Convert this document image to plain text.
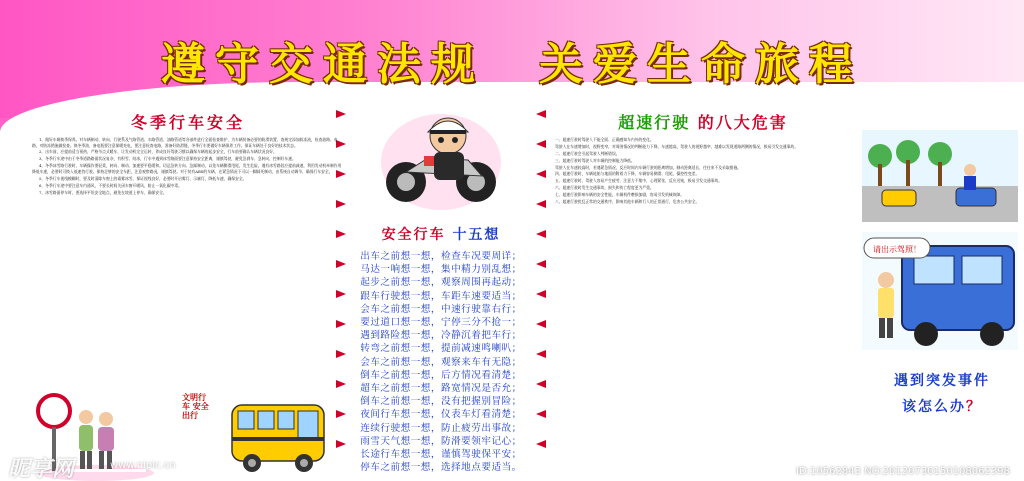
遵守交通法规　关爱生命旅程
冬季行车安全

1、做好车辆换季保养。对车辆制动、转向、行驶系及气路管道、水路管道、油路管道等各部件进行全面检查维护，为车辆装备必要的防滑装置，查规定添加防冻液，检查油路、电路，对防冻措施做检查。换冬季油，备电瓶要注意保暖充电，要注意检查电路，准备好防滑链，冬季行车要做好车辆保养工作，保证车辆处于良好的技术状态。

2、出车前，应提前适当预热，严格节点式暖车，让发动机完全运转，养成良好驾驶习惯以确保车辆的起步安全，行车前要确认车辆状况良好。

3、冬季行车途中由于冬季道路路面状况复杂，有积雪、结冰，行车中遇到冰雪路面要注意保持安全距离，谨慎驾驶，避免急刹车、急转向，控制好车速。

4、冬季冰雪路行驶时，车辆操作要轻柔，转向、制动、加速要平稳缓和。切忌急转方向、急踩制动，以免车辆侧滑甩尾，发生危险。遇有冰雪路段应提前减速，利用发动机牵制作用降低车速，必要时可换入低速挡行驶。保持足够的安全车距，注意观察路况，谨慎驾驶。对于装有ABS的车辆，在紧急情况下可以一脚踩死制动，由系统自动调节，确保行车安全。

5、冬季行车视线模糊时，要及时清除车窗上的霜雾冰雪，保证视线良好，必要时开启雾灯、示廓灯，降低车速，确保安全。

6、冬季行车途中要注意车内通风，不要长时间关闭车窗开暖风，防止一氧化碳中毒。

7、冰雪路面停车时，要选择平坦安全地点，避免在坡道上停车，确保安全。

文明行车 安全出行
安全行车 十五想
出车之前想一想，检查车况要周详；
马达一响想一想，集中精力别乱想；
起步之前想一想，观察周围再起动；
跟车行驶想一想，车距车速要适当；
会车之前想一想，中速行驶靠右行；
要过道口想一想，宁停三分不抢一；
遇到路险想一想，冷静沉着把车行；
转弯之前想一想，提前减速鸣喇叭；
会车之前想一想，观察来车有无隐；
倒车之前想一想，后方情况看清楚；
超车之前想一想，路宽情况是否允；
倒车之前想一想，没有把握别冒险；
夜间行车想一想，仪表车灯看清楚；
连续行驶想一想，防止疲劳出事故；
雨雪天气想一想，防滑要领牢记心；
长途行车想一想，谨慎驾驶保平安；
停车之前想一想，选择地点要适当。
超速行驶 的八大危害

一、超速行驶时驾驶人不能全面、正确感知车内外的变化。

驾驶人在车速增加时，视野变窄，对周围情况的判断能力下降，车速越高，驾驶人的视野越窄，越难以发现道路两侧的情况，极易引发交通事故。

二、超速行驶会引起驾驶人判断错误。

三、超速行驶时驾驶人对车辆的控制能力降低。

驾驶人在车速较高时，若遇紧急情况，反应时间内车辆行驶的距离增加，制动距离延长，往往来不及采取措施。

四、超速行驶时，车辆轮胎与地面的附着力下降，车辆容易侧滑、甩尾，操控性变差。

五、超速行驶时，驾驶人容易产生疲劳，注意力不集中，心理紧张，反应迟钝，极易引发交通事故。

六、超速行驶时发生交通事故，损失和伤亡程度更为严重。

七、超速行驶影响车辆的安全性能，车辆机件磨损加剧，容易引发机械故障。

八、超速行驶扰乱正常的交通秩序，影响其他车辆和行人的正常通行，危害公共安全。

请出示驾照！
遇到突发事件
该怎么办？
昵享网	www.nipic.cn
ID:10562843 NO:20120730150108062398
